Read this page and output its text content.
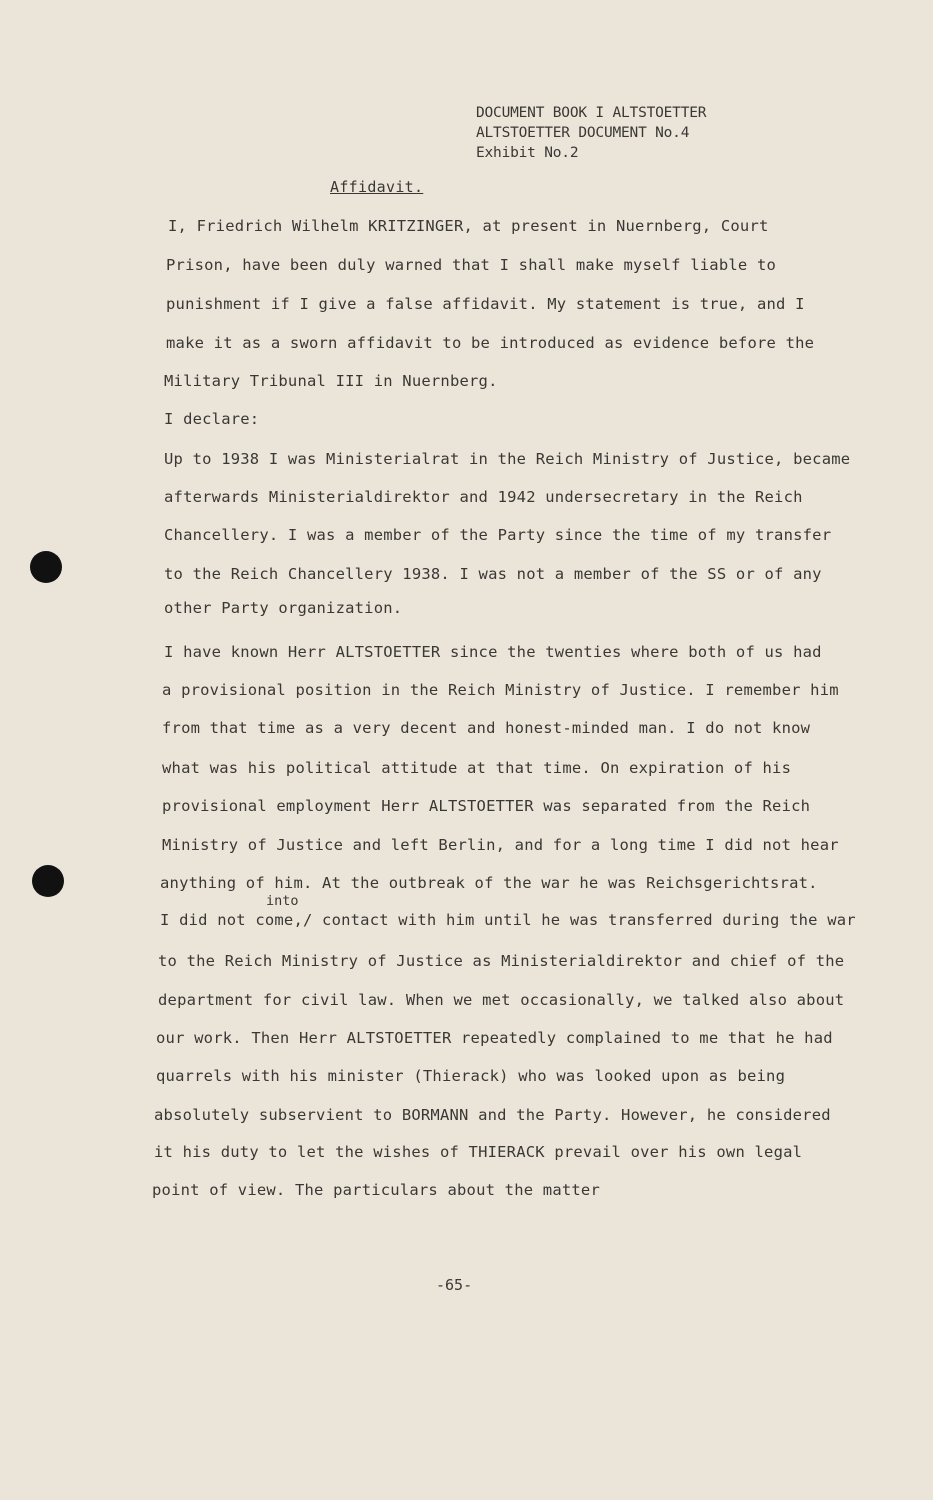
DOCUMENT BOOK I ALTSTOETTER
ALTSTOETTER DOCUMENT No.4
Exhibit No.2
Affidavit.
I, Friedrich Wilhelm KRITZINGER, at present in Nuernberg, Court
Prison, have been duly warned that I shall make myself liable to
punishment if I give a false affidavit. My statement is true, and I
make it as a sworn affidavit to be introduced as evidence before the
Military Tribunal III in Nuernberg.
I declare:
Up to 1938 I was Ministerialrat in the Reich Ministry of Justice, became
afterwards Ministerialdirektor and 1942 undersecretary in the Reich
Chancellery. I was a member of the Party since the time of my transfer
to the Reich Chancellery 1938. I was not a member of the SS or of any
other Party organization.
I have known Herr ALTSTOETTER since the twenties where both of us had
a provisional position in the Reich Ministry of Justice. I remember him
from that time as a very decent and honest-minded man. I do not know
what was his political attitude at that time. On expiration of his
provisional employment Herr ALTSTOETTER was separated from the Reich
Ministry of Justice and left Berlin, and for a long time I did not hear
anything of him. At the outbreak of the war he was Reichsgerichtsrat.
I did not come,/ contact with him until he was transferred during the war
to the Reich Ministry of Justice as Ministerialdirektor and chief of the
department for civil law. When we met occasionally, we talked also about
our work. Then Herr ALTSTOETTER repeatedly complained to me that he had
quarrels with his minister (Thierack) who was looked upon as being
absolutely subservient to BORMANN and the Party. However, he considered
it his duty to let the wishes of THIERACK prevail over his own legal
point of view. The particulars about the matter
into
-65-
